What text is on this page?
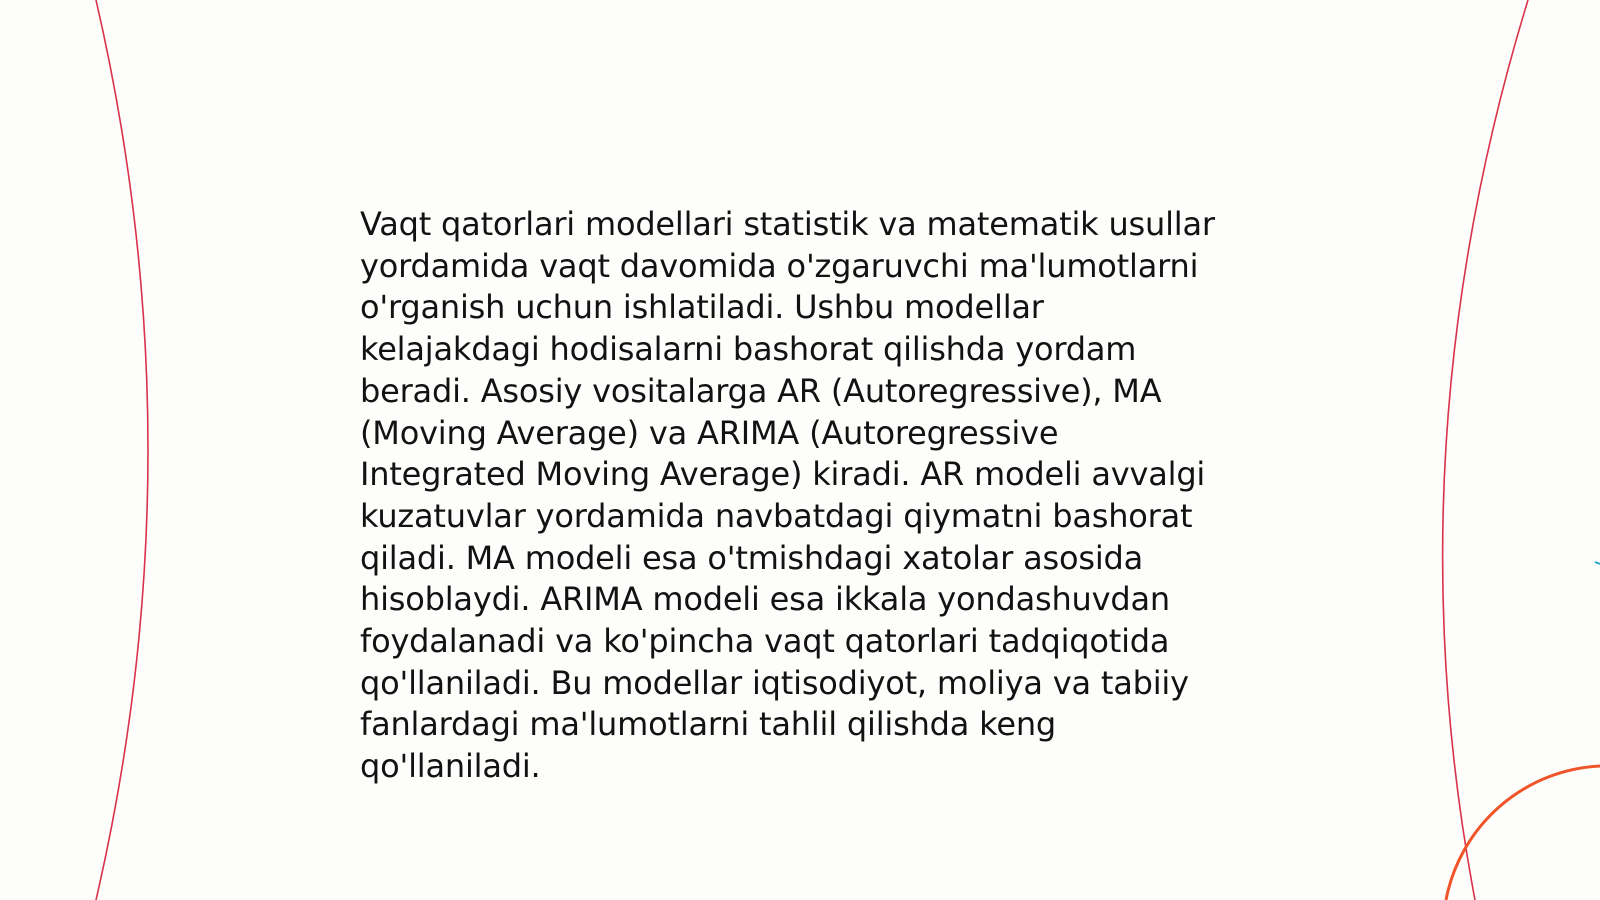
Vaqt qatorlari modellari statistik va matematik usullar
yordamida vaqt davomida o'zgaruvchi ma'lumotlarni
o'rganish uchun ishlatiladi. Ushbu modellar
kelajakdagi hodisalarni bashorat qilishda yordam
beradi. Asosiy vositalarga AR (Autoregressive), MA
(Moving Average) va ARIMA (Autoregressive
Integrated Moving Average) kiradi. AR modeli avvalgi
kuzatuvlar yordamida navbatdagi qiymatni bashorat
qiladi. MA modeli esa o'tmishdagi xatolar asosida
hisoblaydi. ARIMA modeli esa ikkala yondashuvdan
foydalanadi va ko'pincha vaqt qatorlari tadqiqotida
qo'llaniladi. Bu modellar iqtisodiyot, moliya va tabiiy
fanlardagi ma'lumotlarni tahlil qilishda keng
qo'llaniladi.
